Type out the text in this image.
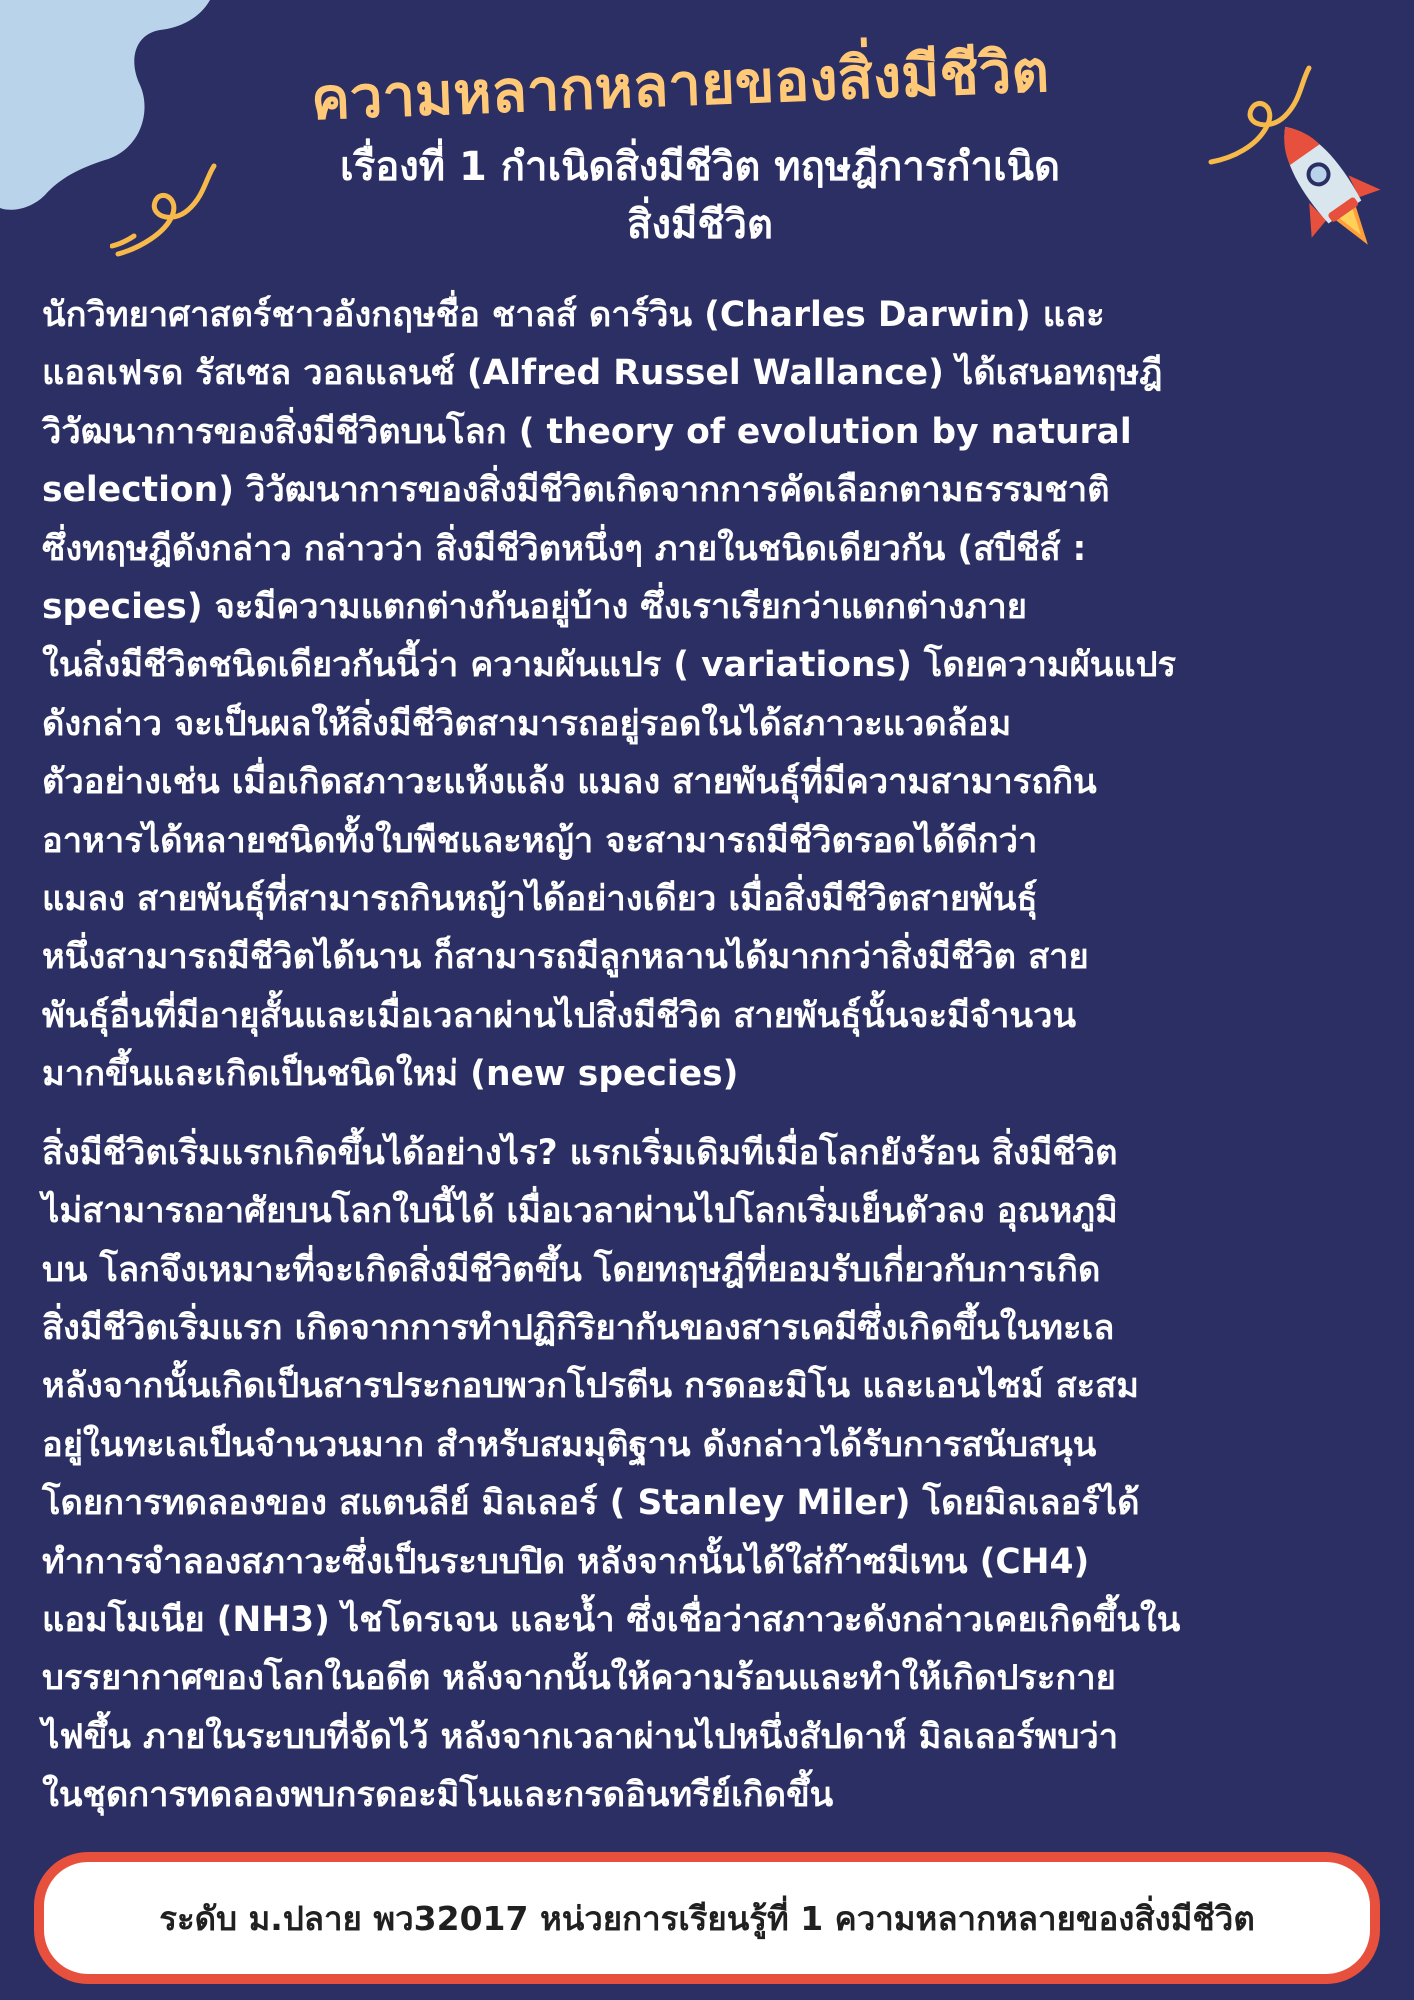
ความหลากหลายของสิ่งมีชีวิต
เรื่องที่ 1 กำเนิดสิ่งมีชีวิต ทฤษฎีการกำเนิด
สิ่งมีชีวิต

นักวิทยาศาสตร์ชาวอังกฤษชื่อ ชาลส์ ดาร์วิน (Charles Darwin) และ
แอลเฟรด รัสเซล วอลแลนซ์ (Alfred Russel Wallance) ได้เสนอทฤษฎี
วิวัฒนาการของสิ่งมีชีวิตบนโลก ( theory of evolution by natural
selection) วิวัฒนาการของสิ่งมีชีวิตเกิดจากการคัดเลือกตามธรรมชาติ
ซึ่งทฤษฎีดังกล่าว กล่าวว่า สิ่งมีชีวิตหนึ่งๆ ภายในชนิดเดียวกัน (สปีชีส์ :
species) จะมีความแตกต่างกันอยู่บ้าง ซึ่งเราเรียกว่าแตกต่างภาย
ในสิ่งมีชีวิตชนิดเดียวกันนี้ว่า ความผันแปร ( variations) โดยความผันแปร
ดังกล่าว จะเป็นผลให้สิ่งมีชีวิตสามารถอยู่รอดในได้สภาวะแวดล้อม
ตัวอย่างเช่น เมื่อเกิดสภาวะแห้งแล้ง แมลง สายพันธุ์ที่มีความสามารถกิน
อาหารได้หลายชนิดทั้งใบพืชและหญ้า จะสามารถมีชีวิตรอดได้ดีกว่า
แมลง สายพันธุ์ที่สามารถกินหญ้าได้อย่างเดียว เมื่อสิ่งมีชีวิตสายพันธุ์
หนึ่งสามารถมีชีวิตได้นาน ก็สามารถมีลูกหลานได้มากกว่าสิ่งมีชีวิต สาย
พันธุ์อื่นที่มีอายุสั้นและเมื่อเวลาผ่านไปสิ่งมีชีวิต สายพันธุ์นั้นจะมีจำนวน
มากขึ้นและเกิดเป็นชนิดใหม่ (new species)

สิ่งมีชีวิตเริ่มแรกเกิดขึ้นได้อย่างไร? แรกเริ่มเดิมทีเมื่อโลกยังร้อน สิ่งมีชีวิต
ไม่สามารถอาศัยบนโลกใบนี้ได้ เมื่อเวลาผ่านไปโลกเริ่มเย็นตัวลง อุณหภูมิ
บน โลกจึงเหมาะที่จะเกิดสิ่งมีชีวิตขึ้น โดยทฤษฎีที่ยอมรับเกี่ยวกับการเกิด
สิ่งมีชีวิตเริ่มแรก เกิดจากการทำปฏิกิริยากันของสารเคมีซึ่งเกิดขึ้นในทะเล
หลังจากนั้นเกิดเป็นสารประกอบพวกโปรตีน กรดอะมิโน และเอนไซม์ สะสม
อยู่ในทะเลเป็นจำนวนมาก สำหรับสมมุติฐาน ดังกล่าวได้รับการสนับสนุน
โดยการทดลองของ สแตนลีย์ มิลเลอร์ ( Stanley Miler) โดยมิลเลอร์ได้
ทำการจำลองสภาวะซึ่งเป็นระบบปิด หลังจากนั้นได้ใส่ก๊าซมีเทน (CH4)
แอมโมเนีย (NH3) ไชโดรเจน และน้ำ ซึ่งเชื่อว่าสภาวะดังกล่าวเคยเกิดขึ้นใน
บรรยากาศของโลกในอดีต หลังจากนั้นให้ความร้อนและทำให้เกิดประกาย
ไฟขึ้น ภายในระบบที่จัดไว้ หลังจากเวลาผ่านไปหนึ่งสัปดาห์ มิลเลอร์พบว่า
ในชุดการทดลองพบกรดอะมิโนและกรดอินทรีย์เกิดขึ้น

ระดับ ม.ปลาย พว32017 หน่วยการเรียนรู้ที่ 1 ความหลากหลายของสิ่งมีชีวิต
